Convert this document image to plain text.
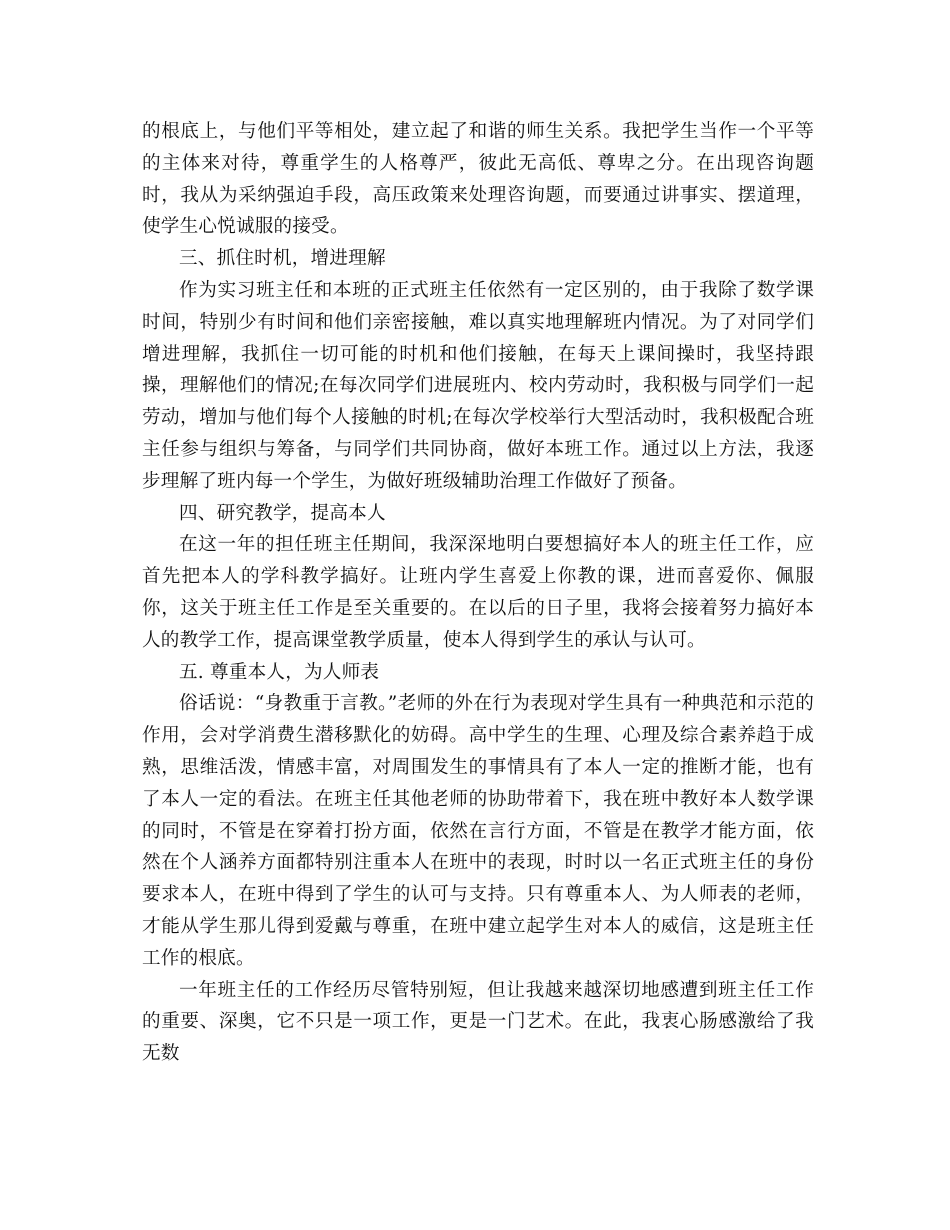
的根底上，与他们平等相处，建立起了和谐的师生关系。我把学生当作一个平等的主体来对待，尊重学生的人格尊严，彼此无高低、尊卑之分。在出现咨询题时，我从为采纳强迫手段，高压政策来处理咨询题，而要通过讲事实、摆道理，使学生心悦诚服的接受。

三、抓住时机，增进理解

作为实习班主任和本班的正式班主任依然有一定区别的，由于我除了数学课时间，特别少有时间和他们亲密接触，难以真实地理解班内情况。为了对同学们增进理解，我抓住一切可能的时机和他们接触，在每天上课间操时，我坚持跟操，理解他们的情况;在每次同学们进展班内、校内劳动时，我积极与同学们一起劳动，增加与他们每个人接触的时机;在每次学校举行大型活动时，我积极配合班主任参与组织与筹备，与同学们共同协商，做好本班工作。通过以上方法，我逐步理解了班内每一个学生，为做好班级辅助治理工作做好了预备。

四、研究教学，提高本人

在这一年的担任班主任期间，我深深地明白要想搞好本人的班主任工作，应首先把本人的学科教学搞好。让班内学生喜爱上你教的课，进而喜爱你、佩服你，这关于班主任工作是至关重要的。在以后的日子里，我将会接着努力搞好本人的教学工作，提高课堂教学质量，使本人得到学生的承认与认可。

五. 尊重本人，为人师表

俗话说：“身教重于言教。”老师的外在行为表现对学生具有一种典范和示范的作用，会对学消费生潜移默化的妨碍。高中学生的生理、心理及综合素养趋于成熟，思维活泼，情感丰富，对周围发生的事情具有了本人一定的推断才能，也有了本人一定的看法。在班主任其他老师的协助带着下，我在班中教好本人数学课的同时，不管是在穿着打扮方面，依然在言行方面，不管是在教学才能方面，依然在个人涵养方面都特别注重本人在班中的表现，时时以一名正式班主任的身份要求本人，在班中得到了学生的认可与支持。只有尊重本人、为人师表的老师，才能从学生那儿得到爱戴与尊重，在班中建立起学生对本人的威信，这是班主任工作的根底。

一年班主任的工作经历尽管特别短，但让我越来越深切地感遭到班主任工作的重要、深奥，它不只是一项工作，更是一门艺术。在此，我衷心肠感激给了我无数
